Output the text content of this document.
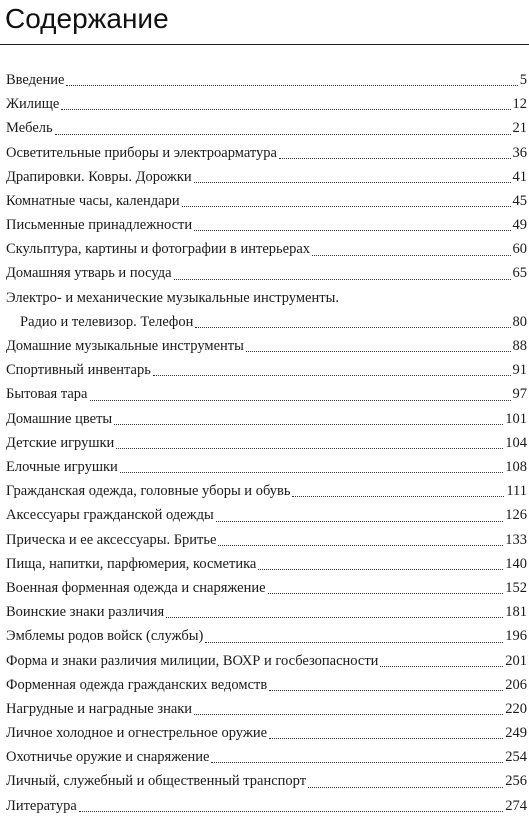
Содержание
Введение	5
Жилище	12
Мебель	21
Осветительные приборы и электроарматура	36
Драпировки. Ковры. Дорожки	41
Комнатные часы, календари	45
Письменные принадлежности	49
Скульптура, картины и фотографии в интерьерах	60
Домашняя утварь и посуда	65
Электро- и механические музыкальные инструменты.
Радио и телевизор. Телефон	80
Домашние музыкальные инструменты	88
Спортивный инвентарь	91
Бытовая тара	97
Домашние цветы	101
Детские игрушки	104
Елочные игрушки	108
Гражданская одежда, головные уборы и обувь	111
Аксессуары гражданской одежды	126
Прическа и ее аксессуары. Бритье	133
Пища, напитки, парфюмерия, косметика	140
Военная форменная одежда и снаряжение	152
Воинские знаки различия	181
Эмблемы родов войск (службы)	196
Форма и знаки различия милиции, ВОХР и госбезопасности	201
Форменная одежда гражданских ведомств	206
Нагрудные и наградные знаки	220
Личное холодное и огнестрельное оружие	249
Охотничье оружие и снаряжение	254
Личный, служебный и общественный транспорт	256
Литература	274
